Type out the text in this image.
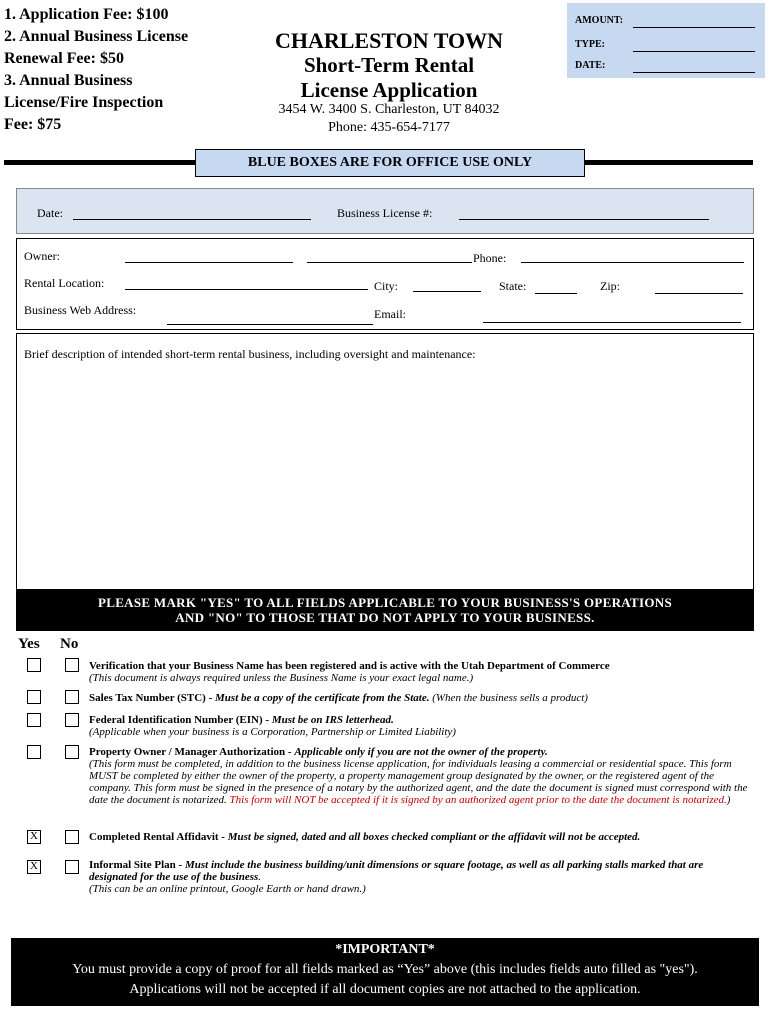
1. Application Fee: $100
2. Annual Business License
Renewal Fee: $50
3. Annual Business
License/Fire Inspection
Fee: $75
CHARLESTON TOWN
Short-Term Rental
License Application
3454 W. 3400 S. Charleston, UT 84032
Phone: 435-654-7177
AMOUNT:
TYPE:
DATE:
BLUE BOXES ARE FOR OFFICE USE ONLY
Date:	Business License #:
Owner:	Phone:
Rental Location:	City:	State:	Zip:
Business Web Address:	Email:
Brief description of intended short-term rental business, including oversight and maintenance:
PLEASE MARK "YES" TO ALL FIELDS APPLICABLE TO YOUR BUSINESS'S OPERATIONS
AND "NO" TO THOSE THAT DO NOT APPLY TO YOUR BUSINESS.
Yes No
Verification that your Business Name has been registered and is active with the Utah Department of Commerce
(This document is always required unless the Business Name is your exact legal name.)
Sales Tax Number (STC) - Must be a copy of the certificate from the State. (When the business sells a product)
Federal Identification Number (EIN) - Must be on IRS letterhead.
(Applicable when your business is a Corporation, Partnership or Limited Liability)
Property Owner / Manager Authorization - Applicable only if you are not the owner of the property.
(This form must be completed, in addition to the business license application, for individuals leasing a commercial or residential space. This form MUST be completed by either the owner of the property, a property management group designated by the owner, or the registered agent of the company. This form must be signed in the presence of a notary by the authorized agent, and the date the document is signed must correspond with the date the document is notarized. This form will NOT be accepted if it is signed by an authorized agent prior to the date the document is notarized.)
X	Completed Rental Affidavit - Must be signed, dated and all boxes checked compliant or the affidavit will not be accepted.
X	Informal Site Plan - Must include the business building/unit dimensions or square footage, as well as all parking stalls marked that are designated for the use of the business.
(This can be an online printout, Google Earth or hand drawn.)
*IMPORTANT*
You must provide a copy of proof for all fields marked as “Yes” above (this includes fields auto filled as "yes").
Applications will not be accepted if all document copies are not attached to the application.
